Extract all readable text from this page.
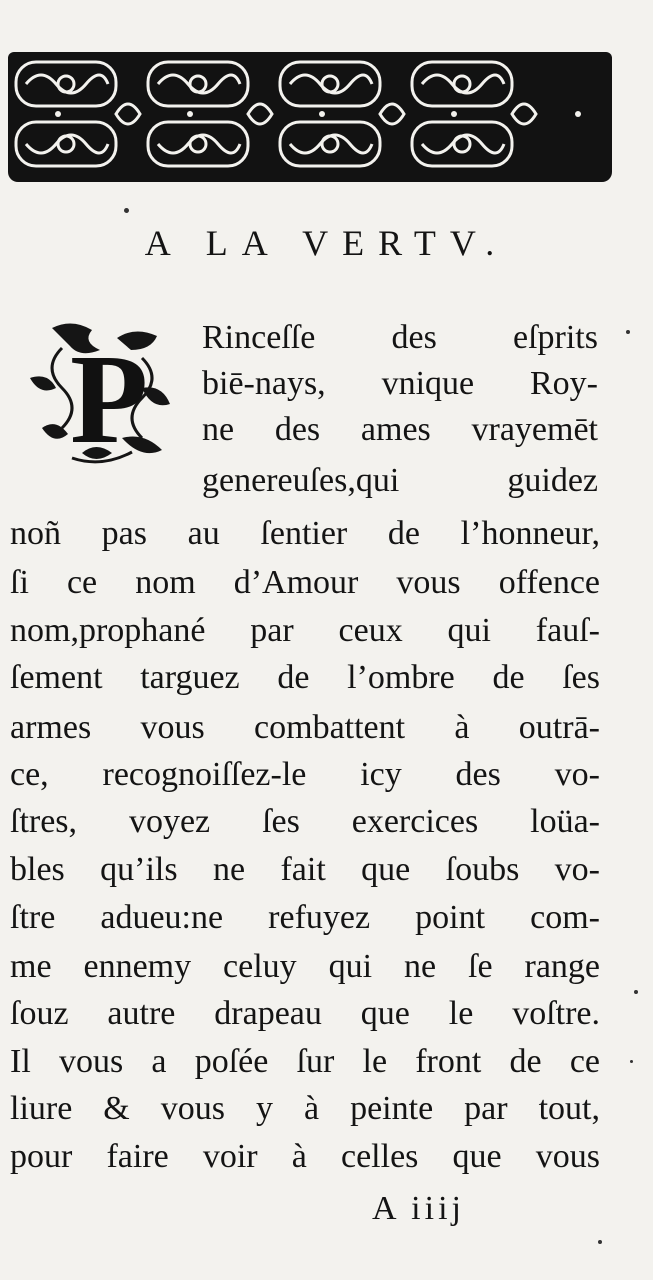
A LA VERTV.
P Rinceſſe des eſprits
biē-nays, vnique Roy-
ne des ames vrayemēt
genereuſes,qui guidez
noñ pas au ſentier de l’honneur,
ſi ce nom d’Amour vous offence
nom,prophané par ceux qui fauſ-
ſement targuez de l’ombre de ſes
armes vous combattent à outrā-
ce, recognoiſſez-le icy des vo-
ſtres, voyez ſes exercices loüa-
bles qu’ils ne fait que ſoubs vo-
ſtre adueu:ne refuyez point com-
me ennemy celuy qui ne ſe range
ſouz autre drapeau que le voſtre.
Il vous a poſée ſur le front de ce
liure & vous y à peinte par tout,
pour faire voir à celles que vous
A iiij
